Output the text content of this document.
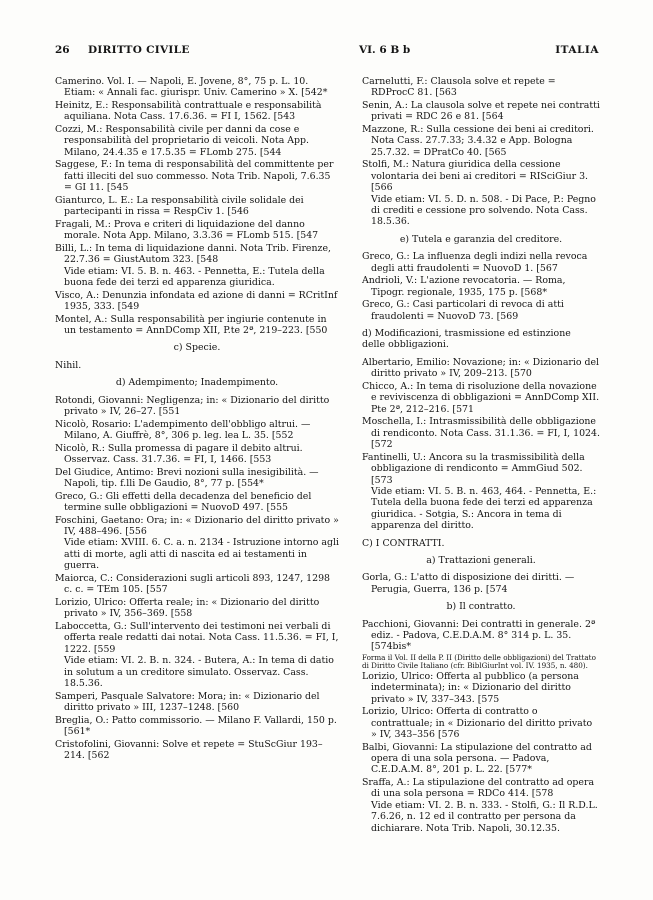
26 DIRITTO CIVILE	VI. 6 B b	ITALIA
Camerino. Vol. I. — Napoli, E. Jovene, 8°, 75 p. L. 10. Etiam: « Annali fac. giurispr. Univ. Camerino » X. [542*
Heinitz, E.: Responsabilità contrattuale e responsabilità aquiliana. Nota Cass. 17.6.36. = FI I, 1562. [543
Cozzi, M.: Responsabilità civile per danni da cose e responsabilità del proprietario di veicoli. Nota App. Milano, 24.4.35 e 17.5.35 = FLomb 275. [544
Saggese, F.: In tema di responsabilità del committente per fatti illeciti del suo commesso. Nota Trib. Napoli, 7.6.35 = GI 11. [545
Gianturco, L. E.: La responsabilità civile solidale dei partecipanti in rissa = RespCiv 1. [546
Fragali, M.: Prova e criteri di liquidazione del danno morale. Nota App. Milano, 3.3.36 = FLomb 515. [547
Billi, L.: In tema di liquidazione danni. Nota Trib. Firenze, 22.7.36 = GiustAutom 323. [548
Vide etiam: VI. 5. B. n. 463. - Pennetta, E.: Tutela della buona fede dei terzi ed apparenza giuridica.
Visco, A.: Denunzia infondata ed azione di danni = RCritInf 1935, 333. [549
Montel, A.: Sulla responsabilità per ingiurie contenute in un testamento = AnnDComp XII, P.te 2ª, 219–223. [550
c) Specie.
Nihil.
d) Adempimento; Inadempimento.
Rotondi, Giovanni: Negligenza; in: « Dizionario del diritto privato » IV, 26–27. [551
Nicolò, Rosario: L'adempimento dell'obbligo altrui. — Milano, A. Giuffrè, 8°, 306 p. leg. lea L. 35. [552
Nicolò, R.: Sulla promessa di pagare il debito altrui. Osservaz. Cass. 31.7.36. = FI, I, 1466. [553
Del Giudice, Antimo: Brevi nozioni sulla inesigibilità. — Napoli, tip. f.lli De Gaudio, 8°, 77 p. [554*
Greco, G.: Gli effetti della decadenza del beneficio del termine sulle obbligazioni = NuovoD 497. [555
Foschini, Gaetano: Ora; in: « Dizionario del diritto privato » IV, 488–496. [556
Vide etiam: XVIII. 6. C. a. n. 2134 - Istruzione intorno agli atti di morte, agli atti di nascita ed ai testamenti in guerra.
Maiorca, C.: Considerazioni sugli articoli 893, 1247, 1298 c. c. = TEm 105. [557
Lorizio, Ulrico: Offerta reale; in: « Dizionario del diritto privato » IV, 356–369. [558
Laboccetta, G.: Sull'intervento dei testimoni nei verbali di offerta reale redatti dai notai. Nota Cass. 11.5.36. = FI, I, 1222. [559
Vide etiam: VI. 2. B. n. 324. - Butera, A.: In tema di datio in solutum a un creditore simulato. Osservaz. Cass. 18.5.36.
Samperi, Pasquale Salvatore: Mora; in: « Dizionario del diritto privato » III, 1237–1248. [560
Breglia, O.: Patto commissorio. — Milano F. Vallardi, 150 p. [561*
Cristofolini, Giovanni: Solve et repete = StuScGiur 193–214. [562
Carnelutti, F.: Clausola solve et repete = RDProcC 81. [563
Senin, A.: La clausola solve et repete nei contratti privati = RDC 26 e 81. [564
Mazzone, R.: Sulla cessione dei beni ai creditori. Nota Cass. 27.7.33; 3.4.32 e App. Bologna 25.7.32. = DPratCo 40. [565
Stolfi, M.: Natura giuridica della cessione volontaria dei beni ai creditori = RISciGiur 3. [566
Vide etiam: VI. 5. D. n. 508. - Di Pace, P.: Pegno di crediti e cessione pro solvendo. Nota Cass. 18.5.36.
e) Tutela e garanzia del creditore.
Greco, G.: La influenza degli indizi nella revoca degli atti fraudolenti = NuovoD 1. [567
Andrioli, V.: L'azione revocatoria. — Roma, Tipogr. regionale, 1935, 175 p. [568*
Greco, G.: Casi particolari di revoca di atti fraudolenti = NuovoD 73. [569
d) Modificazioni, trasmissione ed estinzione
delle obbligazioni.
Albertario, Emilio: Novazione; in: « Dizionario del diritto privato » IV, 209–213. [570
Chicco, A.: In tema di risoluzione della novazione e reviviscenza di obbligazioni = AnnDComp XII. Pte 2ª, 212–216. [571
Moschella, I.: Intrasmissibilità delle obbligazione di rendiconto. Nota Cass. 31.1.36. = FI, I, 1024. [572
Fantinelli, U.: Ancora su la trasmissibilità della obbligazione di rendiconto = AmmGiud 502. [573
Vide etiam: VI. 5. B. n. 463, 464. - Pennetta, E.: Tutela della buona fede dei terzi ed apparenza giuridica. - Sotgia, S.: Ancora in tema di apparenza del diritto.
C) I CONTRATTI.
a) Trattazioni generali.
Gorla, G.: L'atto di disposizione dei diritti. — Perugia, Guerra, 136 p. [574
b) Il contratto.
Pacchioni, Giovanni: Dei contratti in generale. 2ª ediz. - Padova, C.E.D.A.M. 8° 314 p. L. 35. [574bis*
Forma il Vol. II della P. II (Diritto delle obbligazioni) del Trattato di Diritto Civile Italiano (cfr. BiblGiurInt vol. IV. 1935, n. 480).
Lorizio, Ulrico: Offerta al pubblico (a persona indeterminata); in: « Dizionario del diritto privato » IV, 337–343. [575
Lorizio, Ulrico: Offerta di contratto o contrattuale; in « Dizionario del diritto privato » IV, 343–356 [576
Balbi, Giovanni: La stipulazione del contratto ad opera di una sola persona. — Padova, C.E.D.A.M. 8°, 201 p. L. 22. [577*
Sraffa, A.: La stipulazione del contratto ad opera di una sola persona = RDCo 414. [578
Vide etiam: VI. 2. B. n. 333. - Stolfi, G.: Il R.D.L. 7.6.26, n. 12 ed il contratto per persona da dichiarare. Nota Trib. Napoli, 30.12.35.
